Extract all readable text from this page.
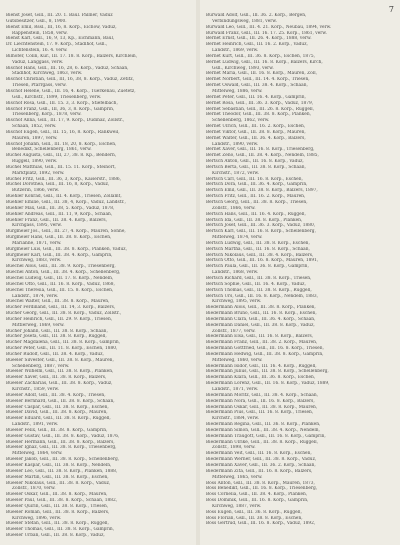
7
Bienst Josef, Gsll., III. 20. 1. Baul. Pallner, Vaduz
Gutsbesitzer, Gsll., 8, 1900.
Bienst Emil, Rssl., III, 16, 8. Korp., Eichow, Vaduz,
Rappenstein, 1858, verw.
Bienst Karl, Gsll., 16, 9, 13, Kp., Eichmann, Baul,
Dr. Liechtenstein, 17. 9. Korp., Stadlhof, Gsll.,
Lichtenstein, 16. 4. verw.
Bilhofer, Colin, Kur., III. 17. 18. 8. Korp., Balzers, Kirchlein,
Vaduz, Langgass, verw.
Bischof Hans, Gsll., III. 16, 28, 6. Korp., Vaduz, Schaan,
Stadlhof, Kirchweg, 1863, verw.
Bischof Christian, Gsll., III, 16, 38, 8. Korp., Vaduz, Zetitz,
Triesen, Pfarrgass, verw.
Bischof Helene, Gsll., III. 16, 4. Korp., Tuerkenau, Zuetetz,
Gsll., Kirchstr., 1899, Triesenberg, verw.
Bischof Rosa, Gsll., III. 15. 3, 3. Korp., Stiefelbach,
Bischof Franz, Gsll., III, 36, 3, 8. Korp., Gamprin,
Triesenberg, Korp., 1878, verw.
Bischof Anna, Gsll., III. 17, 9. Korp., Dudinaz, Zollstr.,
Schaan, 1852, verw.
Bischof Eugen, Gsll., III. 15, 16, 8. Korp., Rankweil,
Mauren, 1897, verw.
Bischof Johann, Gsll., III. 18, 20, 8. Korp., Eschen,
Benedikt, Schellenberg, 1861, verw.
Buchel Augusta, Gsll., III, 27, 38. 8. Kp., Bendern,
Ruggell, 1890, verw.
Buchel Matthias, Gsll., III. 15. 11. Korp., Steinort,
Marktplatz, 1892, verw.
Buchel Fritz, Gsll., III. 36, 3, Korp., Kaiserstr., 1886,
Buchel Dorothea, Gsll., III. 16, 8, Korp., Vaduz,
Butzerin, 1866, verw.
Buehler Konrad, Gsll., III. 4. Korp., Triesen, Zollamt,
Buehler Emilie, Gsll., III. 38, 4, Korp., Vaduz, Landstr.,
Buehler Max, Gsll., III. 38, 5. Korp., Vaduz, 1878,
Buehler Andreas, Gsll., III. 11, 9, Korp., Schaan,
Buehler Franz, Gsll., III. 38. 4. Korp., Balzers,
Kirchgass, 1895, verw.
Burgmeier Jos., Gsll., III. 27, 4. Korp., Mauren, Sonne,
Burgmeier Hans, Gsll., III. 38. 8. Korp., Eschen,
Marianne, 1871, verw.
Burgmeier Luis, Gsll., III. 38. 8. Korp., Planken, Vaduz,
Burgmeier Karl, Gsll., III. 38. 4. Korp., Gamprin,
Kirchweg, 1883, verw.
Buechel Alois, Gsll., III. 38. 9. Korp., Triesenberg,
Buechel Anton, Gsll., III. 38. 4. Korp., Schellenberg,
Buechel Ludwig, Gsll., III. 17. 8. Korp., Nendeln,
Buechel Otto, Gsll., III. 16. 8. Korp., Vaduz, 1868,
Buechel Theresia, Gsll., III. 15. 8. Korp., Eschen,
Landstr., 1874, verw.
Buechel Walter, Gsll., III. 38. 8. Korp., Mauren,
Bucher Ferdinand, Gsll., III. 14, 3. Korp., Balzers,
Bucher Georg, Gsll., III. 38. 8. Korp., Vaduz, Zollstr.,
Bucher Heinrich, Gsll., III. 29. 9. Korp., Triesen,
Mittlerweg, 1869, verw.
Bucher Johann, Gsll., III. 38. 8. Korp., Schaan,
Bucher Josefa, Gsll., III. 38. 8. Korp., Ruggell,
Bucher Magdalena, Gsll., III. 38. 8. Korp., Gamprin,
Bucher Peter, Gsll., III. 11. 8. Korp., Eschen, 1880,
Bucher Rudolf, Gsll., III. 38. 4. Korp., Vaduz,
Bueeler Silvester, Gsll., III. 38. 8. Korp., Mauren,
Schellenberg, 1887, verw.
Bueeler Wilhelm, Gsll., III. 38. 8. Korp., Planken,
Bueeler Xaver, Gsll., III. 38. 8. Korp., Balzers,
Bueeler Zacharias, Gsll., III. 38. 8. Korp., Vaduz,
Kirchstr., 1859, verw.
Bueeler Adolf, Gsll., III. 38. 4. Korp., Triesen,
Bueeler Bernhard, Gsll., III. 38. 8. Korp., Schaan,
Bueeler Caspar, Gsll., III. 38. 8. Korp., Eschen,
Bueeler David, Gsll., III. 38. 8. Korp., Mauren,
Bueeler Eduard, Gsll., III. 38. 8. Korp., Ruggell,
Landstr., 1891, verw.
Bueeler Felix, Gsll., III. 38. 8. Korp., Gamprin,
Bueeler Gustav, Gsll., III. 38. 8. Korp., Vaduz, 1876,
Bueeler Hermann, Gsll., III. 38. 8. Korp., Balzers,
Bueeler Ignaz, Gsll., III. 38. 8. Korp., Triesenberg,
Mittelweg, 1864, verw.
Bueeler Jakob, Gsll., III. 38. 8. Korp., Schellenberg,
Bueeler Kaspar, Gsll., III. 38. 8. Korp., Nendeln,
Bueeler Leo, Gsll., III. 38. 8. Korp., Planken, 1888,
Bueeler Martin, Gsll., III. 38. 8. Korp., Eschen,
Bueeler Nikolaus, Gsll., III. 38. 8. Korp., Vaduz,
Zollstr., 1870, verw.
Bueeler Oskar, Gsll., III. 38. 8. Korp., Mauren,
Bueeler Paul, Gsll., III. 38. 8. Korp., Schaan, 1882,
Bueeler Quirin, Gsll., III. 38. 8. Korp., Triesen,
Bueeler Roman, Gsll., III. 38. 8. Korp., Balzers,
Kirchweg, 1896, verw.
Bueeler Stefan, Gsll., III. 38. 8. Korp., Ruggell,
Bueeler Thomas, Gsll., III. 38. 8. Korp., Gamprin,
Bueeler Urban, Gsll., III. 38. 8. Korp., Vaduz,
Burwald Adolf, Gsll., III. 36. 2. Korp., Bergen,
Verbindungsweg, 1881, verw.
Burwald Leo, Gsll., III. 4. 21. Korp., Neubau, 1894, verw.
Burwald Franz, Gsll., III. 16. 17. 25. Korp., 1861, verw.
Bernet Ernst, Gsll., III. 26. 4. Korp., 1888, verw.
Bernet Heinrich, Gsll., III. 16. 2. Korp., Vaduz,
Landstr., 1869, verw.
Bernet Kurt, Gsll., III. 36. 8. Korp., Eschen, 1875,
Bernet Ludwig, Gsll., III. 16. 8. Korp., Balzers, Kirch,
Gsll., Kirchweg, 1893, verw.
Bernet Maria, Gsll., III. 16. 8. Korp., Mauren, Zoll,
Bernet Norbert, Gsll., III. 14. 4. Korp., Triesen,
Bernet Oswald, Gsll., III. 38. 4. Korp., Schaan,
Mittelweg, 1886, verw.
Bernet Peter, Gsll., III. 16. 4. Korp., Gamprin,
Bernet Rosa, Gsll., III. 36. 3. Korp., Vaduz, 1879,
Bernet Sebastian, Gsll., III. 26. 8. Korp., Ruggell,
Bernet Theodor, Gsll., III. 38. 8. Korp., Planken,
Schellenberg, 1862, verw.
Bernet Ulrich, Gsll., III. 16. 2. Korp., Eschen,
Bernet Viktor, Gsll., III. 38. 8. Korp., Mauren,
Bernet Walter, Gsll., III. 36. 4. Korp., Balzers,
Landstr., 1890, verw.
Bernet Xaver, Gsll., III. 16. 8. Korp., Triesenberg,
Bernet Zeno, Gsll., III. 38. 4. Korp., Nendeln, 1885,
Bertsch Anton, Gsll., III. 16. 8. Korp., Vaduz,
Bertsch Berta, Gsll., III. 38. 8. Korp., Schaan,
Kirchstr., 1872, verw.
Bertsch Carl, Gsll., III. 16. 8. Korp., Eschen,
Bertsch Dora, Gsll., III. 36. 4. Korp., Gamprin,
Bertsch Emil, Gsll., III. 38. 8. Korp., Balzers, 1897,
Bertsch Fritz, Gsll., III. 16. 2. Korp., Mauren,
Bertsch Georg, Gsll., III. 38. 8. Korp., Triesen,
Zollstr., 1866, verw.
Bertsch Hans, Gsll., III. 16. 4. Korp., Ruggell,
Bertsch Ida, Gsll., III. 38. 8. Korp., Planken,
Bertsch Josef, Gsll., III. 36. 3. Korp., Vaduz, 1880,
Bertsch Karl, Gsll., III. 16. 8. Korp., Schellenberg,
Mittelweg, 1874, verw.
Bertsch Ludwig, Gsll., III. 38. 8. Korp., Eschen,
Bertsch Martha, Gsll., III. 16. 8. Korp., Schaan,
Bertsch Nikolaus, Gsll., III. 38. 4. Korp., Balzers,
Bertsch Otto, Gsll., III. 16. 8. Korp., Mauren, 1891,
Bertsch Paula, Gsll., III. 36. 8. Korp., Gamprin,
Landstr., 1868, verw.
Bertsch Richard, Gsll., III. 38. 8. Korp., Triesen,
Bertsch Sophie, Gsll., III. 16. 4. Korp., Vaduz,
Bertsch Thomas, Gsll., III. 38. 8. Korp., Ruggell,
Bertsch Urs, Gsll., III. 16. 8. Korp., Nendeln, 1883,
Kirchweg, 1895, verw.
Biedermann Alois, Gsll., III. 38. 8. Korp., Planken,
Biedermann Bruno, Gsll., III. 16. 8. Korp., Eschen,
Biedermann Clara, Gsll., III. 36. 4. Korp., Schaan,
Biedermann Daniel, Gsll., III. 38. 8. Korp., Vaduz,
Zollstr., 1877, verw.
Biedermann Elsa, Gsll., III. 16. 8. Korp., Balzers,
Biedermann Franz, Gsll., III. 38. 2. Korp., Mauren,
Biedermann Gottfried, Gsll., III. 16. 8. Korp., Triesen,
Biedermann Hedwig, Gsll., III. 38. 8. Korp., Gamprin,
Mittelweg, 1860, verw.
Biedermann Isidor, Gsll., III. 16. 4. Korp., Ruggell,
Biedermann Julius, Gsll., III. 38. 8. Korp., Schellenberg,
Biedermann Klara, Gsll., III. 36. 8. Korp., Eschen,
Biedermann Lorenz, Gsll., III. 16. 8. Korp., Vaduz, 1889,
Landstr., 1871, verw.
Biedermann Moritz, Gsll., III. 38. 4. Korp., Schaan,
Biedermann Nora, Gsll., III. 16. 8. Korp., Balzers,
Biedermann Oskar, Gsll., III. 38. 8. Korp., Mauren,
Biedermann Pius, Gsll., III. 16. 8. Korp., Triesen,
Kirchstr., 1884, verw.
Biedermann Regina, Gsll., III. 36. 8. Korp., Planken,
Biedermann Simon, Gsll., III. 38. 4. Korp., Nendeln,
Biedermann Traugott, Gsll., III. 16. 8. Korp., Gamprin,
Biedermann Ulrike, Gsll., III. 38. 8. Korp., Ruggell,
Zollstr., 1898, verw.
Biedermann Veit, Gsll., III. 16. 8. Korp., Eschen,
Biedermann Werner, Gsll., III. 38. 8. Korp., Vaduz,
Biedermann Xaver, Gsll., III. 36. 2. Korp., Schaan,
Biedermann Zita, Gsll., III. 16. 8. Korp., Balzers,
Mittelweg, 1865, verw.
Boss Anton, Gsll., III. 38. 8. Korp., Mauren, 1873,
Boss Benedikt, Gsll., III. 16. 8. Korp., Triesenberg,
Boss Cornelia, Gsll., III. 38. 4. Korp., Planken,
Boss Dominik, Gsll., III. 16. 8. Korp., Gamprin,
Kirchweg, 1887, verw.
Boss Eugen, Gsll., III. 36. 8. Korp., Ruggell,
Boss Florian, Gsll., III. 38. 8. Korp., Eschen,
Boss Gertrud, Gsll., III. 16. 8. Korp., Vaduz, 1892,
